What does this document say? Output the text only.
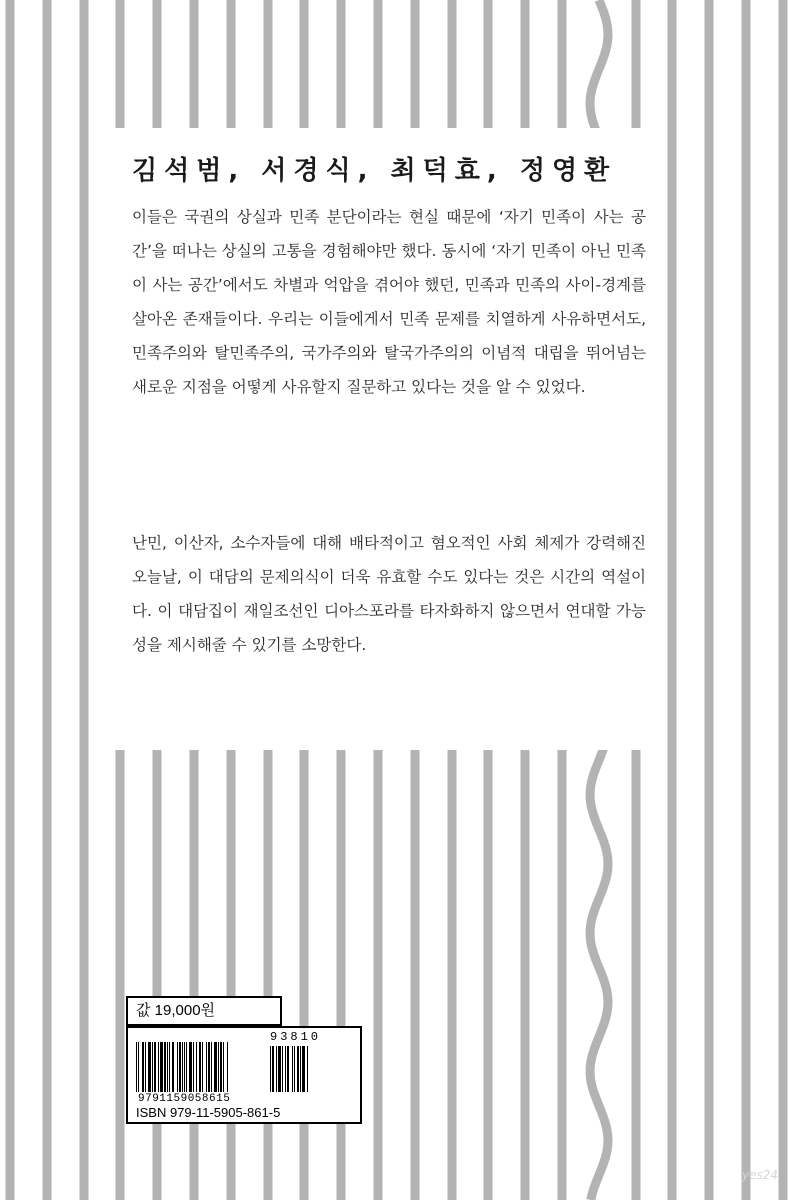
김석범, 서경식, 최덕효, 정영환

이들은 국권의 상실과 민족 분단이라는 현실 때문에 ‘자기 민족이 사는 공간’을 떠나는 상실의 고통을 경험해야만 했다. 동시에 ‘자기 민족이 아닌 민족이 사는 공간’에서도 차별과 억압을 겪어야 했던, 민족과 민족의 사이-경계를 살아온 존재들이다. 우리는 이들에게서 민족 문제를 치열하게 사유하면서도, 민족주의와 탈민족주의, 국가주의와 탈국가주의의 이념적 대립을 뛰어넘는 새로운 지점을 어떻게 사유할지 질문하고 있다는 것을 알 수 있었다.

난민, 이산자, 소수자들에 대해 배타적이고 혐오적인 사회 체제가 강력해진 오늘날, 이 대담의 문제의식이 더욱 유효할 수도 있다는 것은 시간의 역설이다. 이 대담집이 재일조선인 디아스포라를 타자화하지 않으면서 연대할 가능성을 제시해줄 수 있기를 소망한다.

값 19,000원
93810
9791159058615
ISBN 979-11-5905-861-5
yes24
